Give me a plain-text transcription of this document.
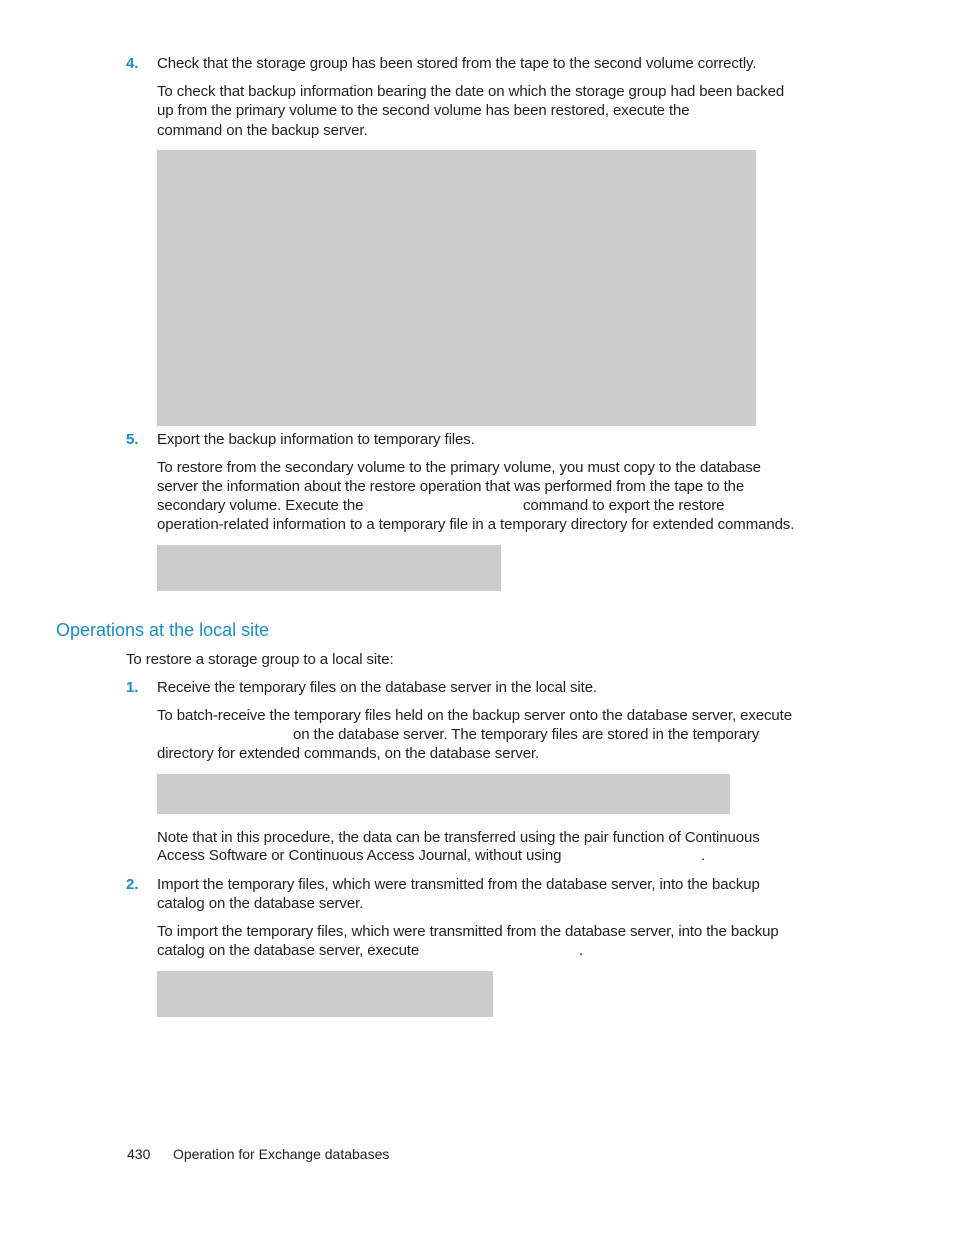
4. Check that the storage group has been stored from the tape to the second volume correctly.
To check that backup information bearing the date on which the storage group had been backed
up from the primary volume to the second volume has been restored, execute the
command on the backup server.
5. Export the backup information to temporary files.
To restore from the secondary volume to the primary volume, you must copy to the database
server the information about the restore operation that was performed from the tape to the
secondary volume. Execute the	command to export the restore
operation-related information to a temporary file in a temporary directory for extended commands.
Operations at the local site
To restore a storage group to a local site:
1. Receive the temporary files on the database server in the local site.
To batch-receive the temporary files held on the backup server onto the database server, execute
on the database server. The temporary files are stored in the temporary
directory for extended commands, on the database server.
Note that in this procedure, the data can be transferred using the pair function of Continuous
Access Software or Continuous Access Journal, without using	.
2. Import the temporary files, which were transmitted from the database server, into the backup
catalog on the database server.
To import the temporary files, which were transmitted from the database server, into the backup
catalog on the database server, execute	.
430 Operation for Exchange databases
